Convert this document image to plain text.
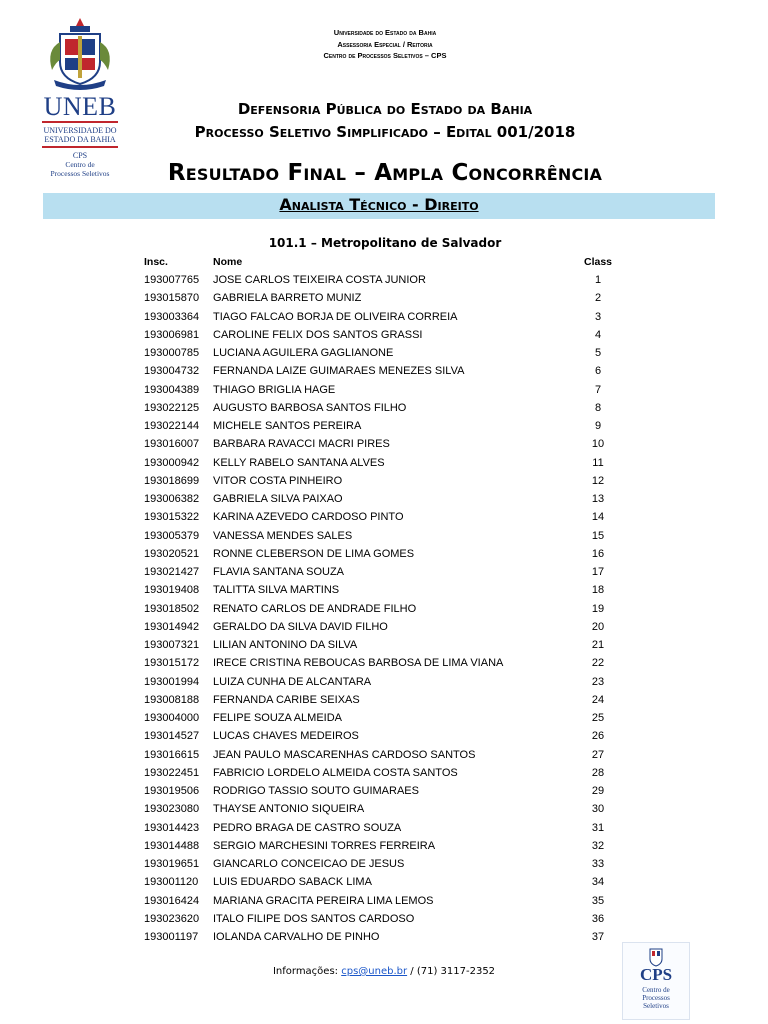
UNEB
UNIVERSIDADE DO
ESTADO DA BAHIA
CPS
Centro de
Processos Seletivos
Universidade do Estado da Bahia
Assessoria Especial / Reitoria
Centro de Processos Seletivos – CPS
Defensoria Pública do Estado da Bahia
Processo Seletivo Simplificado – Edital 001/2018
Resultado Final – Ampla Concorrência
Analista Técnico - Direito
101.1 – Metropolitano de Salvador
Insc.	Nome	Class
193007765 JOSE CARLOS TEIXEIRA COSTA JUNIOR	1
193015870 GABRIELA BARRETO MUNIZ	2
193003364 TIAGO FALCAO BORJA DE OLIVEIRA CORREIA	3
193006981 CAROLINE FELIX DOS SANTOS GRASSI	4
193000785 LUCIANA AGUILERA GAGLIANONE	5
193004732 FERNANDA LAIZE GUIMARAES MENEZES SILVA	6
193004389 THIAGO BRIGLIA HAGE	7
193022125 AUGUSTO BARBOSA SANTOS FILHO	8
193022144 MICHELE SANTOS PEREIRA	9
193016007 BARBARA RAVACCI MACRI PIRES	10
193000942 KELLY RABELO SANTANA ALVES	11
193018699 VITOR COSTA PINHEIRO	12
193006382 GABRIELA SILVA PAIXAO	13
193015322 KARINA AZEVEDO CARDOSO PINTO	14
193005379 VANESSA MENDES SALES	15
193020521 RONNE CLEBERSON DE LIMA GOMES	16
193021427 FLAVIA SANTANA SOUZA	17
193019408 TALITTA SILVA MARTINS	18
193018502 RENATO CARLOS DE ANDRADE FILHO	19
193014942 GERALDO DA SILVA DAVID FILHO	20
193007321 LILIAN ANTONINO DA SILVA	21
193015172 IRECE CRISTINA REBOUCAS BARBOSA DE LIMA VIANA	22
193001994 LUIZA CUNHA DE ALCANTARA	23
193008188 FERNANDA CARIBE SEIXAS	24
193004000 FELIPE SOUZA ALMEIDA	25
193014527 LUCAS CHAVES MEDEIROS	26
193016615 JEAN PAULO MASCARENHAS CARDOSO SANTOS	27
193022451 FABRICIO LORDELO ALMEIDA COSTA SANTOS	28
193019506 RODRIGO TASSIO SOUTO GUIMARAES	29
193023080 THAYSE ANTONIO SIQUEIRA	30
193014423 PEDRO BRAGA DE CASTRO SOUZA	31
193014488 SERGIO MARCHESINI TORRES FERREIRA	32
193019651 GIANCARLO CONCEICAO DE JESUS	33
193001120 LUIS EDUARDO SABACK LIMA	34
193016424 MARIANA GRACITA PEREIRA LIMA LEMOS	35
193023620 ITALO FILIPE DOS SANTOS CARDOSO	36
193001197 IOLANDA CARVALHO DE PINHO	37
Informações: cps@uneb.br / (71) 3117-2352	CPS
Centro de
Processos
Seletivos
